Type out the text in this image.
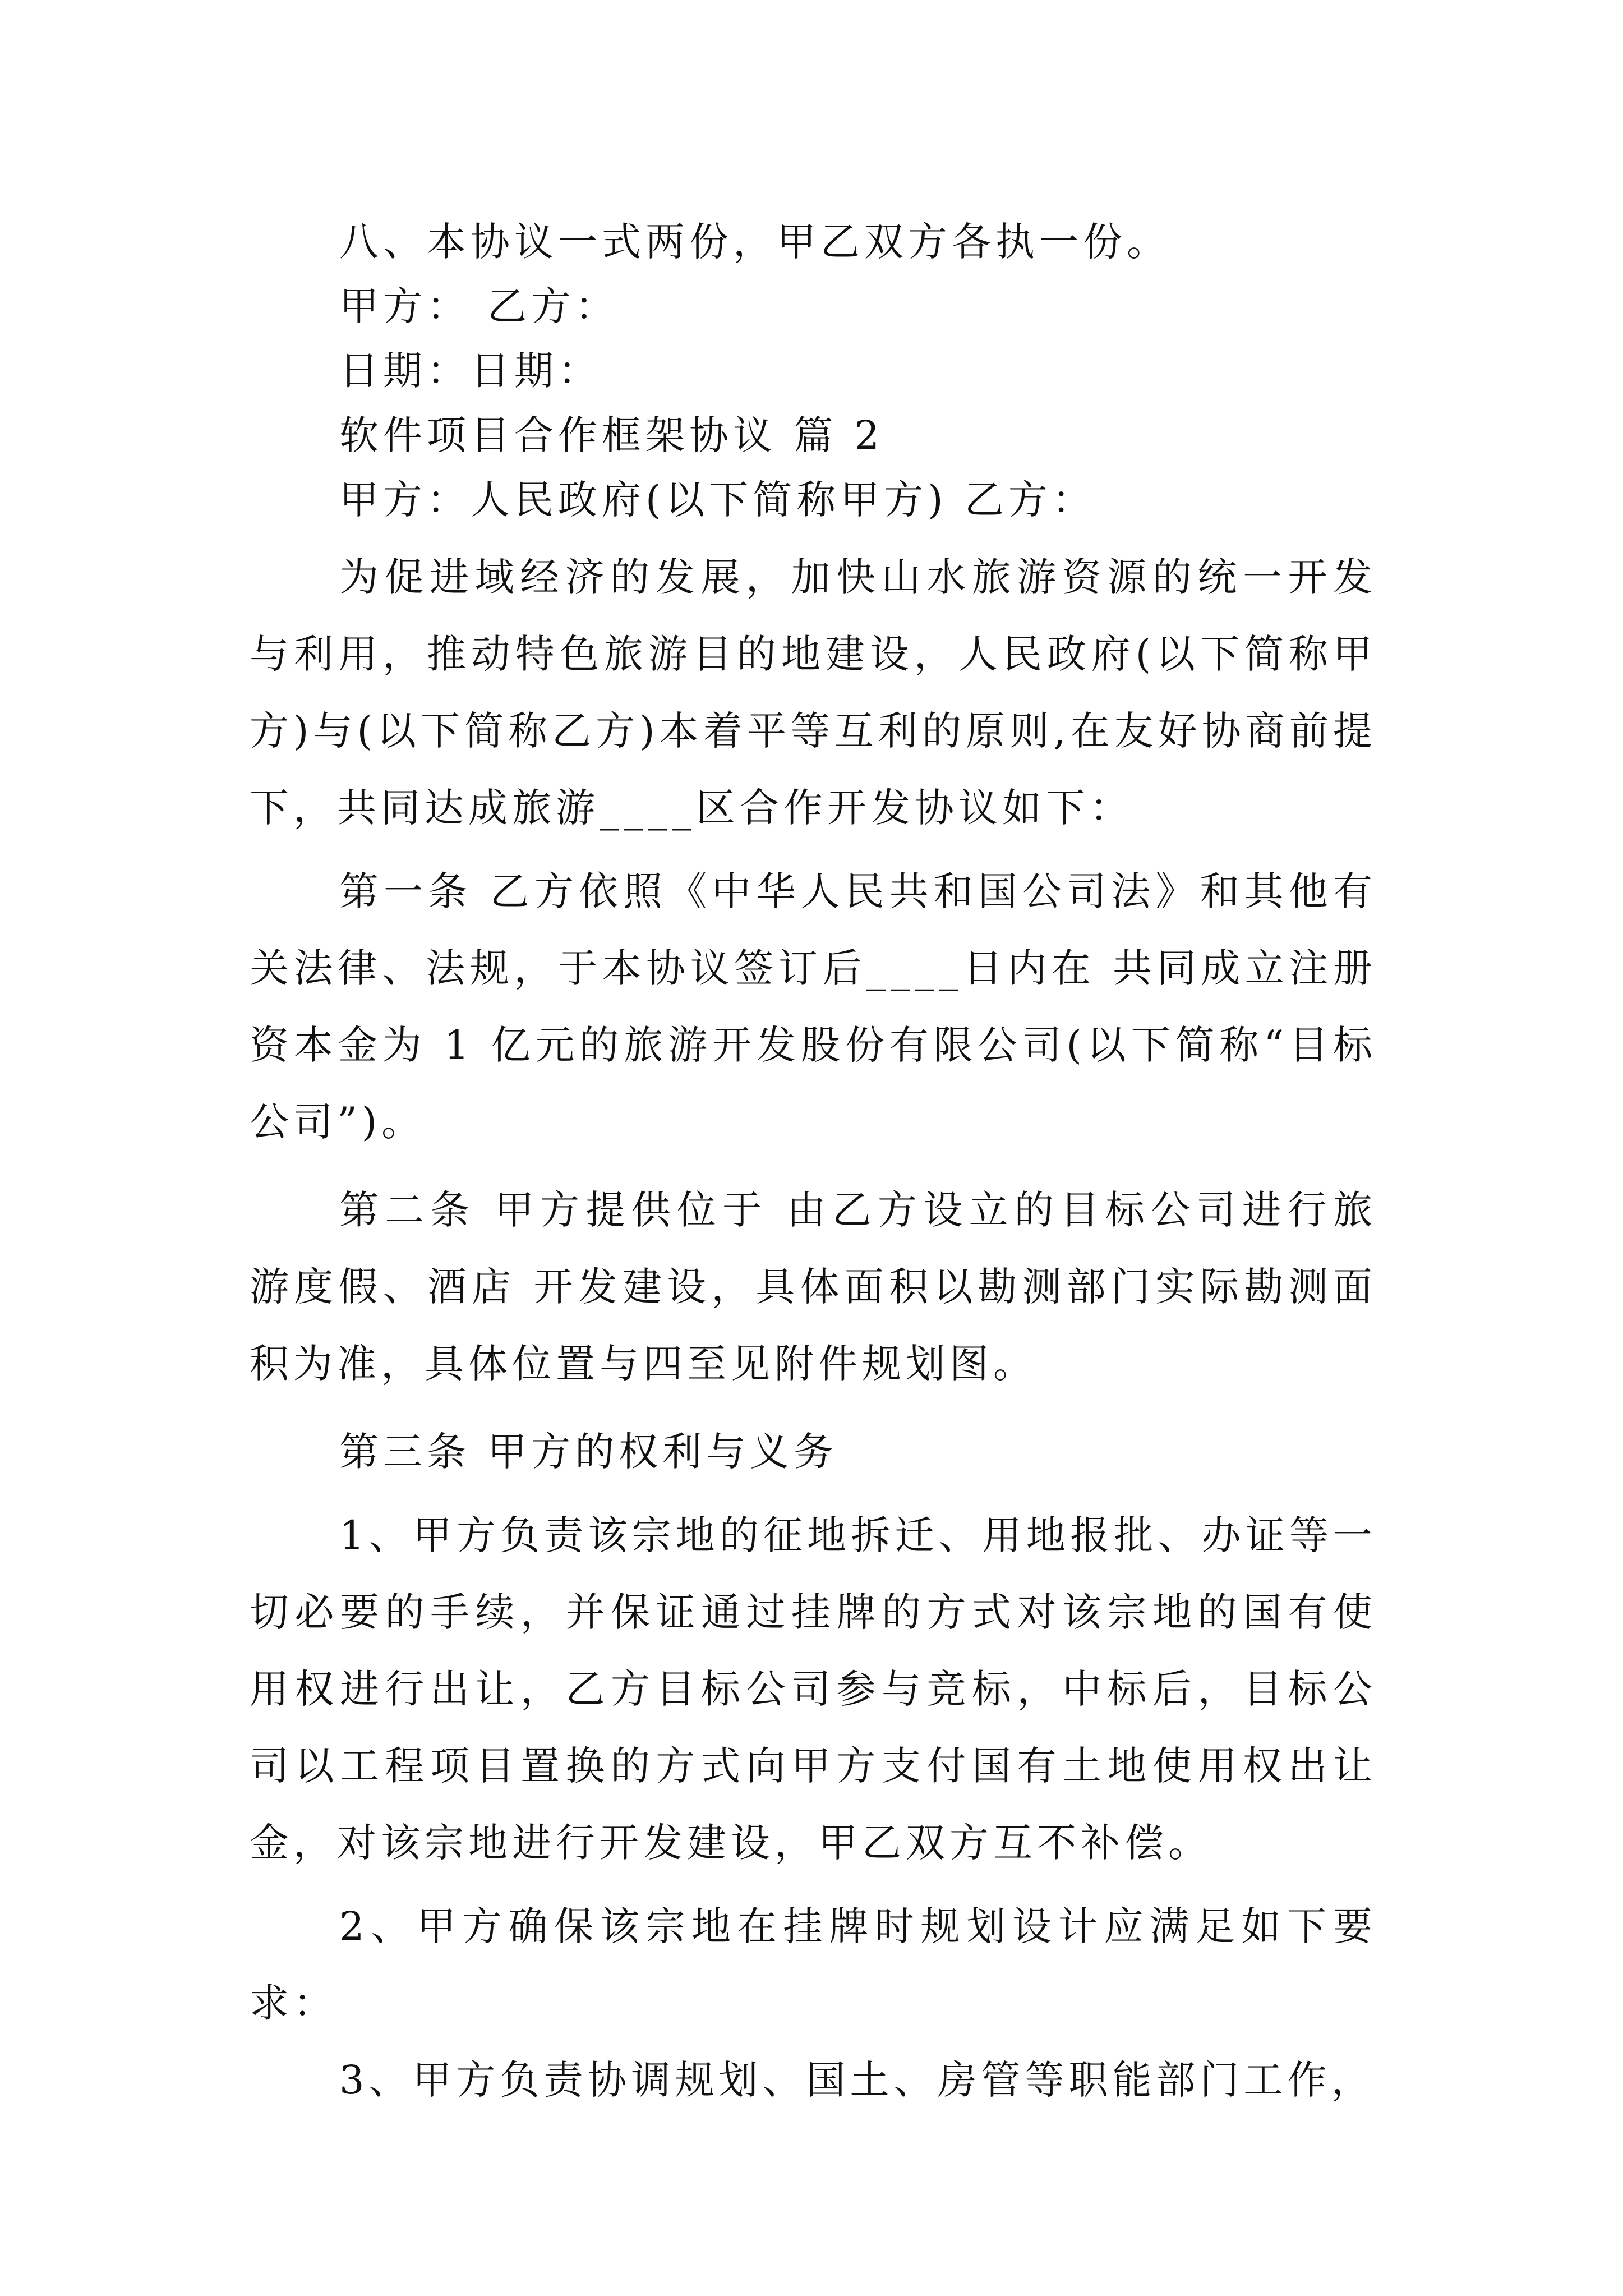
八、本协议一式两份，甲乙双方各执一份。
甲方： 乙方：
日期：日期：
软件项目合作框架协议 篇 2
甲方：人民政府(以下简称甲方) 乙方：

为促进域经济的发展，加快山水旅游资源的统一开发与利用，推动特色旅游目的地建设，人民政府(以下简称甲方)与(以下简称乙方)本着平等互利的原则,在友好协商前提下，共同达成旅游____区合作开发协议如下：

第一条 乙方依照《中华人民共和国公司法》和其他有关法律、法规，于本协议签订后____日内在 共同成立注册资本金为 1 亿元的旅游开发股份有限公司(以下简称“目标公司”)。

第二条 甲方提供位于 由乙方设立的目标公司进行旅游度假、酒店 开发建设，具体面积以勘测部门实际勘测面积为准，具体位置与四至见附件规划图。

第三条 甲方的权利与义务

1、甲方负责该宗地的征地拆迁、用地报批、办证等一切必要的手续，并保证通过挂牌的方式对该宗地的国有使用权进行出让，乙方目标公司参与竞标，中标后，目标公司以工程项目置换的方式向甲方支付国有土地使用权出让金，对该宗地进行开发建设，甲乙双方互不补偿。

2、甲方确保该宗地在挂牌时规划设计应满足如下要求：

3、甲方负责协调规划、国土、房管等职能部门工作，
